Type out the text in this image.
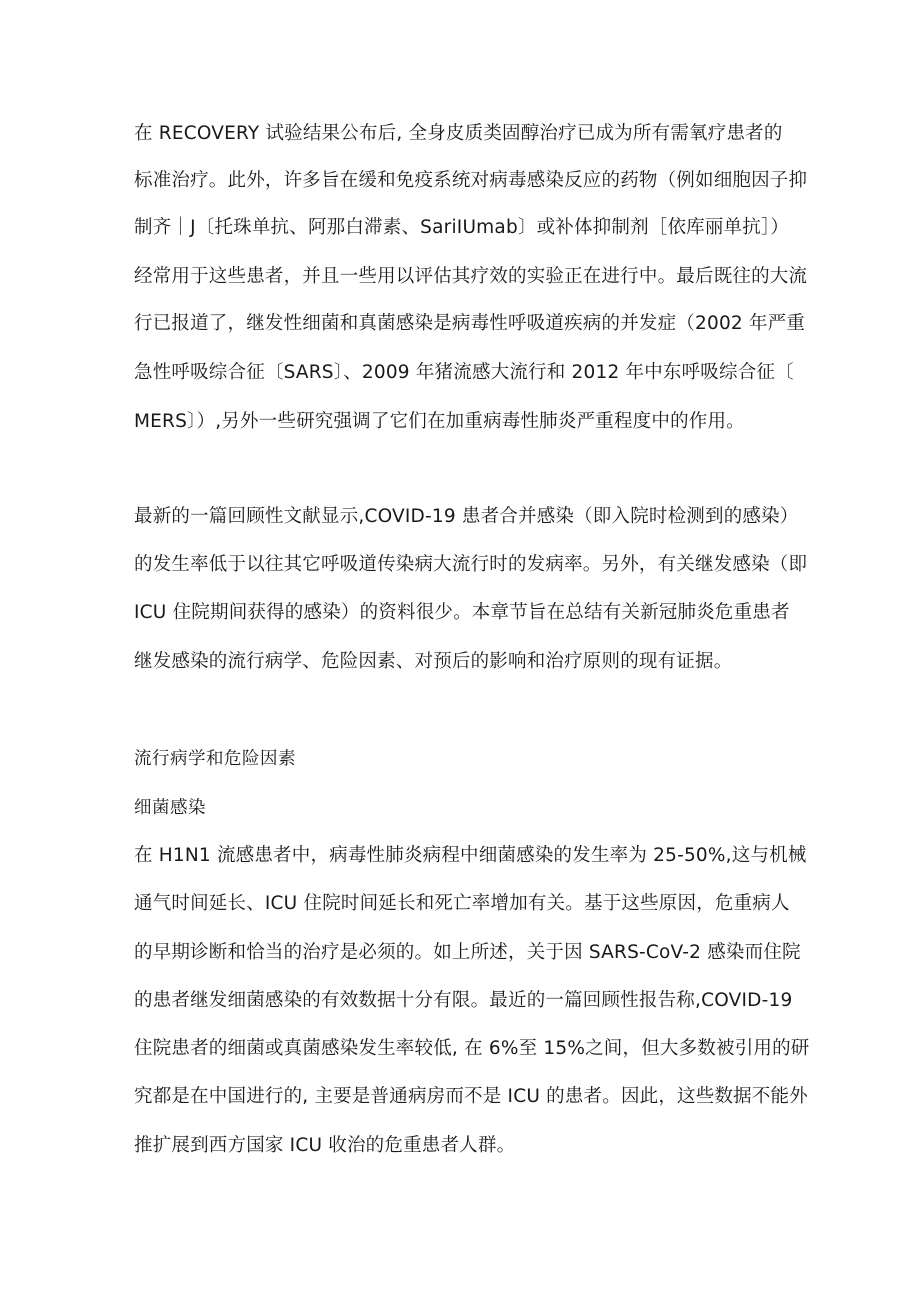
在 RECOVERY 试验结果公布后, 全身皮质类固醇治疗已成为所有需氧疗患者的
标准治疗。此外，许多旨在缓和免疫系统对病毒感染反应的药物（例如细胞因子抑
制齐｜J〔托珠单抗、阿那白滞素、SariIUmab〕或补体抑制剂［依库丽单抗］）
经常用于这些患者，并且一些用以评估其疗效的实验正在进行中。最后既往的大流
行已报道了，继发性细菌和真菌感染是病毒性呼吸道疾病的并发症（2002 年严重
急性呼吸综合征〔SARS〕、2009 年猪流感大流行和 2012 年中东呼吸综合征〔
MERS〕）,另外一些研究强调了它们在加重病毒性肺炎严重程度中的作用。
最新的一篇回顾性文献显示,COVID-19 患者合并感染（即入院时检测到的感染）
的发生率低于以往其它呼吸道传染病大流行时的发病率。另外，有关继发感染（即
ICU 住院期间获得的感染）的资料很少。本章节旨在总结有关新冠肺炎危重患者
继发感染的流行病学、危险因素、对预后的影响和治疗原则的现有证据。
流行病学和危险因素
细菌感染
在 H1N1 流感患者中，病毒性肺炎病程中细菌感染的发生率为 25-50%,这与机械
通气时间延长、ICU 住院时间延长和死亡率增加有关。基于这些原因，危重病人
的早期诊断和恰当的治疗是必须的。如上所述，关于因 SARS-CoV-2 感染而住院
的患者继发细菌感染的有效数据十分有限。最近的一篇回顾性报告称,COVID-19
住院患者的细菌或真菌感染发生率较低, 在 6%至 15%之间，但大多数被引用的研
究都是在中国进行的, 主要是普通病房而不是 ICU 的患者。因此，这些数据不能外
推扩展到西方国家 ICU 收治的危重患者人群。
